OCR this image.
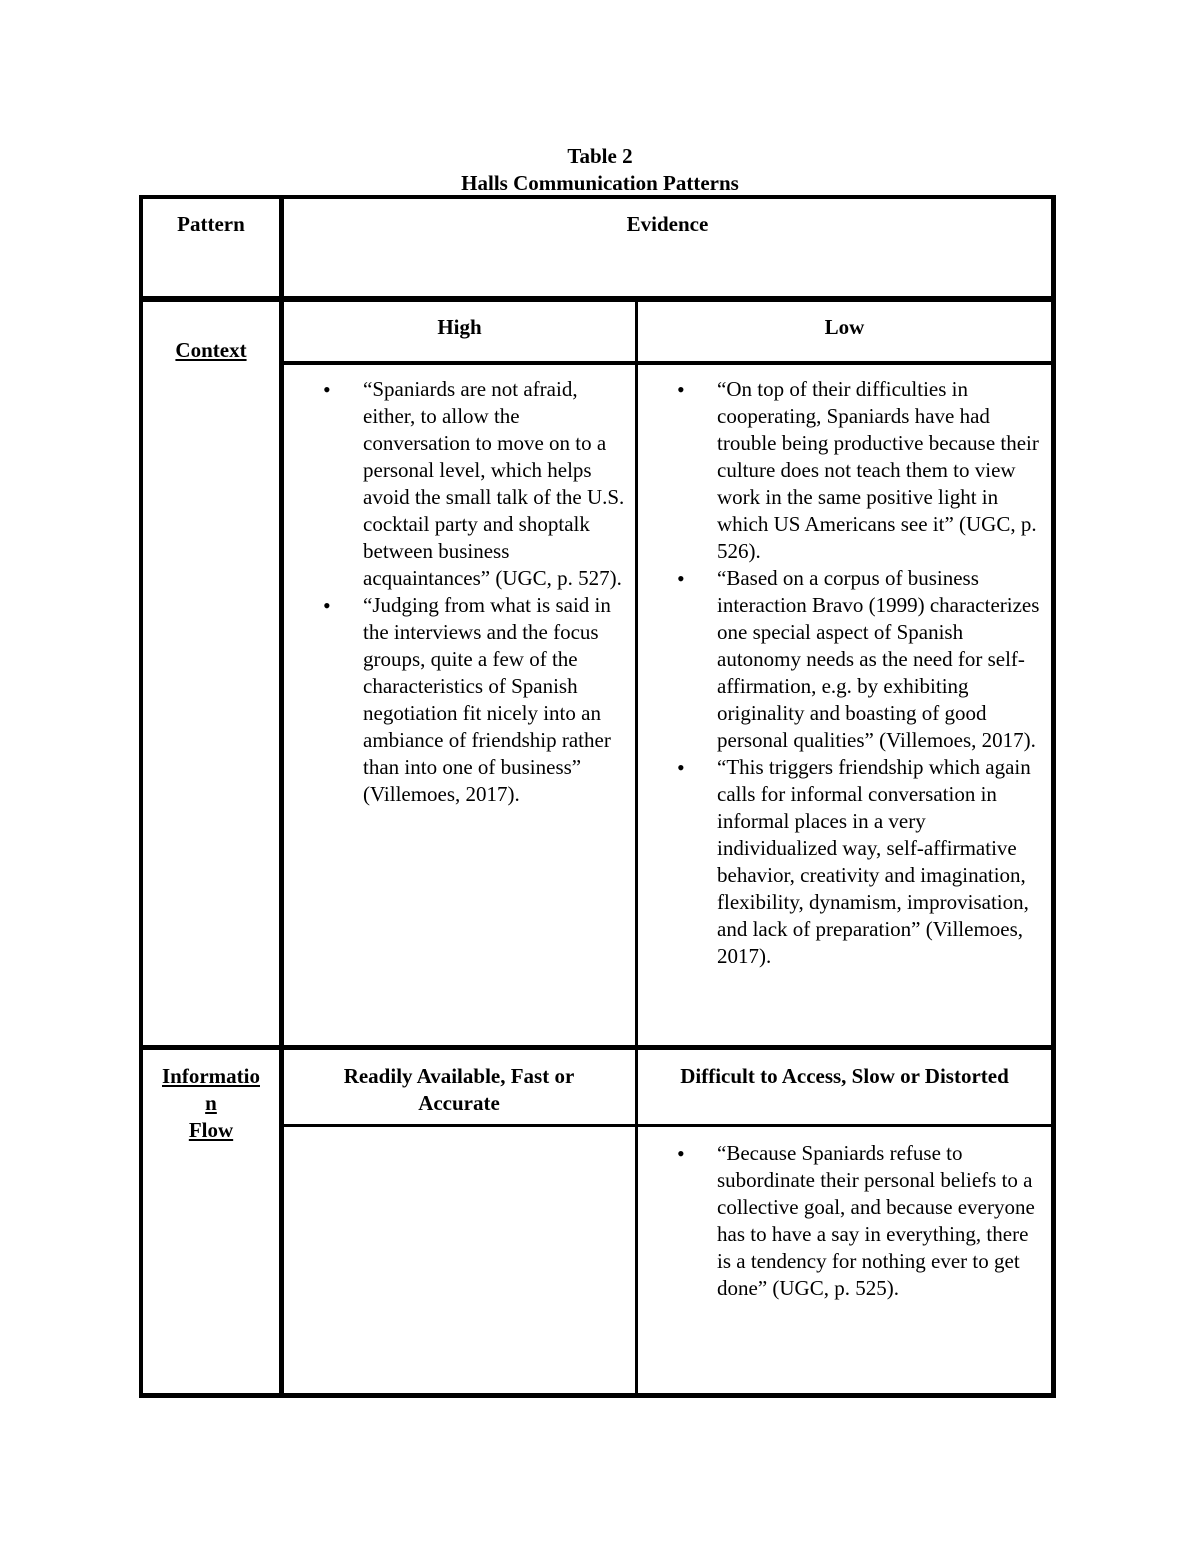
Table 2
Halls Communication Patterns
Pattern	Evidence
Context
High	Low
• “Spaniards are not afraid, either, to allow the conversation to move on to a personal level, which helps avoid the small talk of the U.S. cocktail party and shoptalk between business acquaintances” (UGC, p. 527).
• “Judging from what is said in the interviews and the focus groups, quite a few of the characteristics of Spanish negotiation fit nicely into an ambiance of friendship rather than into one of business” (Villemoes, 2017).
• “On top of their difficulties in cooperating, Spaniards have had trouble being productive because their culture does not teach them to view work in the same positive light in which US Americans see it” (UGC, p. 526).
• “Based on a corpus of business interaction Bravo (1999) characterizes one special aspect of Spanish autonomy needs as the need for self-affirmation, e.g. by exhibiting originality and boasting of good personal qualities” (Villemoes, 2017).
• “This triggers friendship which again calls for informal conversation in informal places in a very individualized way, self-affirmative behavior, creativity and imagination, flexibility, dynamism, improvisation, and lack of preparation” (Villemoes, 2017).
Informatio
n
Flow
Readily Available, Fast or Accurate
Difficult to Access, Slow or Distorted
• “Because Spaniards refuse to subordinate their personal beliefs to a collective goal, and because everyone has to have a say in everything, there is a tendency for nothing ever to get done” (UGC, p. 525).
